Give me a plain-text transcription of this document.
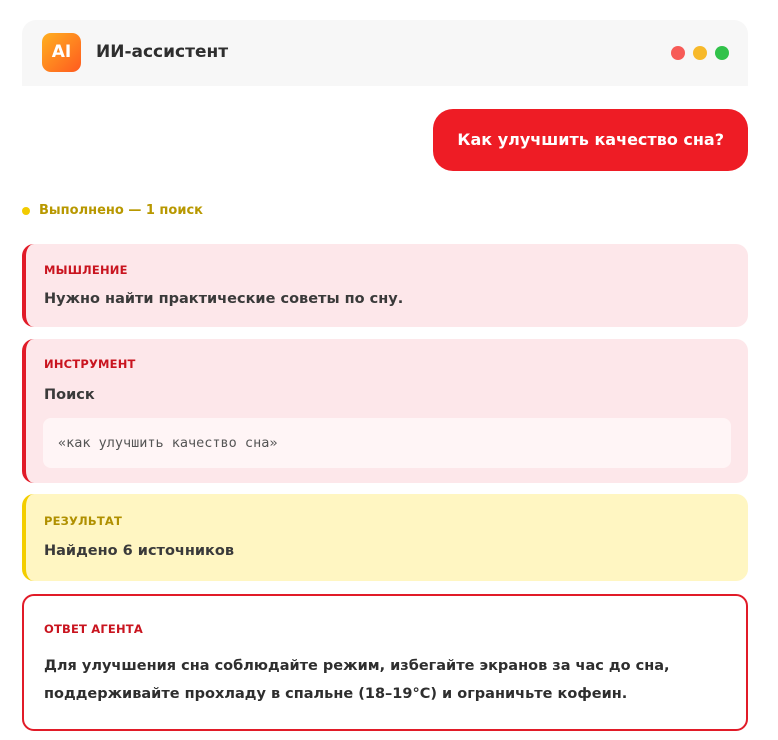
AI	ИИ-ассистент
Как улучшить качество сна?
Выполнено — 1 поиск
МЫШЛЕНИЕ
Нужно найти практические советы по сну.
ИНСТРУМЕНТ
Поиск
«как улучшить качество сна»
РЕЗУЛЬТАТ
Найдено 6 источников
ОТВЕТ АГЕНТА
Для улучшения сна соблюдайте режим, избегайте экранов за час до сна, поддерживайте прохладу в спальне (18–19°C) и ограничьте кофеин.
